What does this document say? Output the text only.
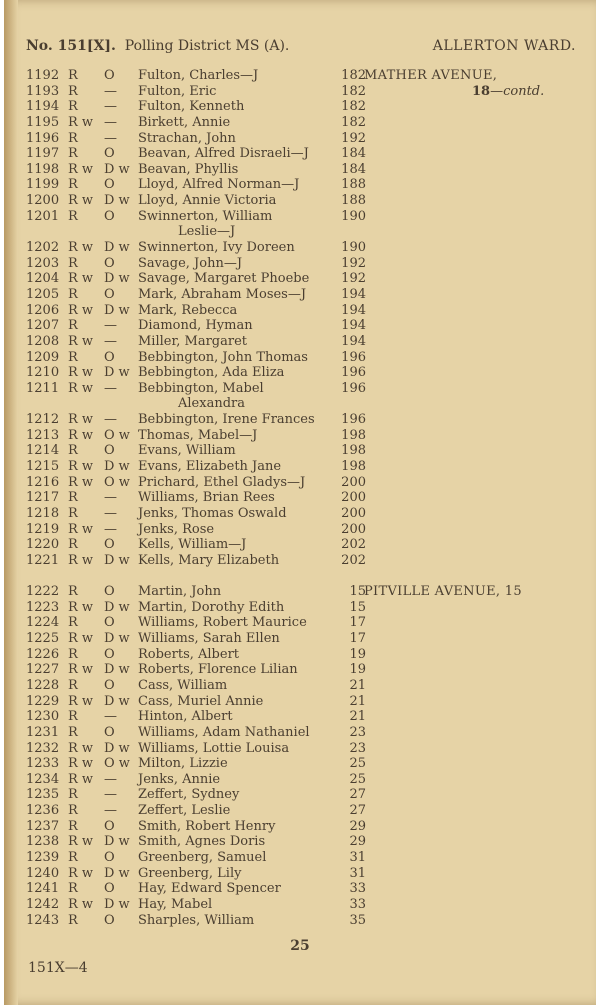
No. 151[X]. Polling District MS (A).	ALLERTON WARD.
1192 R	O	Fulton, Charles—J	182
MATHER AVENUE,
1193 R	—	Fulton, Eric	182	18—contd.
1194 R	—	Fulton, Kenneth	182
1195 R w —	Birkett, Annie	182
1196 R	—	Strachan, John	192
1197 R	O	Beavan, Alfred Disraeli—J	184
1198 R w D w Beavan, Phyllis	184
1199 R	O	Lloyd, Alfred Norman—J	188
1200 R w D w Lloyd, Annie Victoria	188
1201 R	O	Swinnerton, William	190
Leslie—J
1202 R w D w Swinnerton, Ivy Doreen	190
1203 R	O	Savage, John—J	192
1204 R w D w Savage, Margaret Phoebe	192
1205 R	O	Mark, Abraham Moses—J	194
1206 R w D w Mark, Rebecca	194
1207 R	—	Diamond, Hyman	194
1208 R w —	Miller, Margaret	194
1209 R	O	Bebbington, John Thomas	196
1210 R w D w Bebbington, Ada Eliza	196
1211 R w —	Bebbington, Mabel	196
Alexandra
1212 R w —	Bebbington, Irene Frances	196
1213 R w O w Thomas, Mabel—J	198
1214 R	O	Evans, William	198
1215 R w D w Evans, Elizabeth Jane	198
1216 R w O w Prichard, Ethel Gladys—J	200
1217 R	—	Williams, Brian Rees	200
1218 R	—	Jenks, Thomas Oswald	200
1219 R w —	Jenks, Rose	200
1220 R	O	Kells, William—J	202
1221 R w D w Kells, Mary Elizabeth	202
1222 R	O	Martin, John	15
PITVILLE AVENUE, 15
1223 R w D w Martin, Dorothy Edith	15
1224 R	O	Williams, Robert Maurice	17
1225 R w D w Williams, Sarah Ellen	17
1226 R	O	Roberts, Albert	19
1227 R w D w Roberts, Florence Lilian	19
1228 R	O	Cass, William	21
1229 R w D w Cass, Muriel Annie	21
1230 R	—	Hinton, Albert	21
1231 R	O	Williams, Adam Nathaniel	23
1232 R w D w Williams, Lottie Louisa	23
1233 R w O w Milton, Lizzie	25
1234 R w —	Jenks, Annie	25
1235 R	—	Zeffert, Sydney	27
1236 R	—	Zeffert, Leslie	27
1237 R	O	Smith, Robert Henry	29
1238 R w D w Smith, Agnes Doris	29
1239 R	O	Greenberg, Samuel	31
1240 R w D w Greenberg, Lily	31
1241 R	O	Hay, Edward Spencer	33
1242 R w D w Hay, Mabel	33
1243 R	O	Sharples, William	35
25
151X—4
